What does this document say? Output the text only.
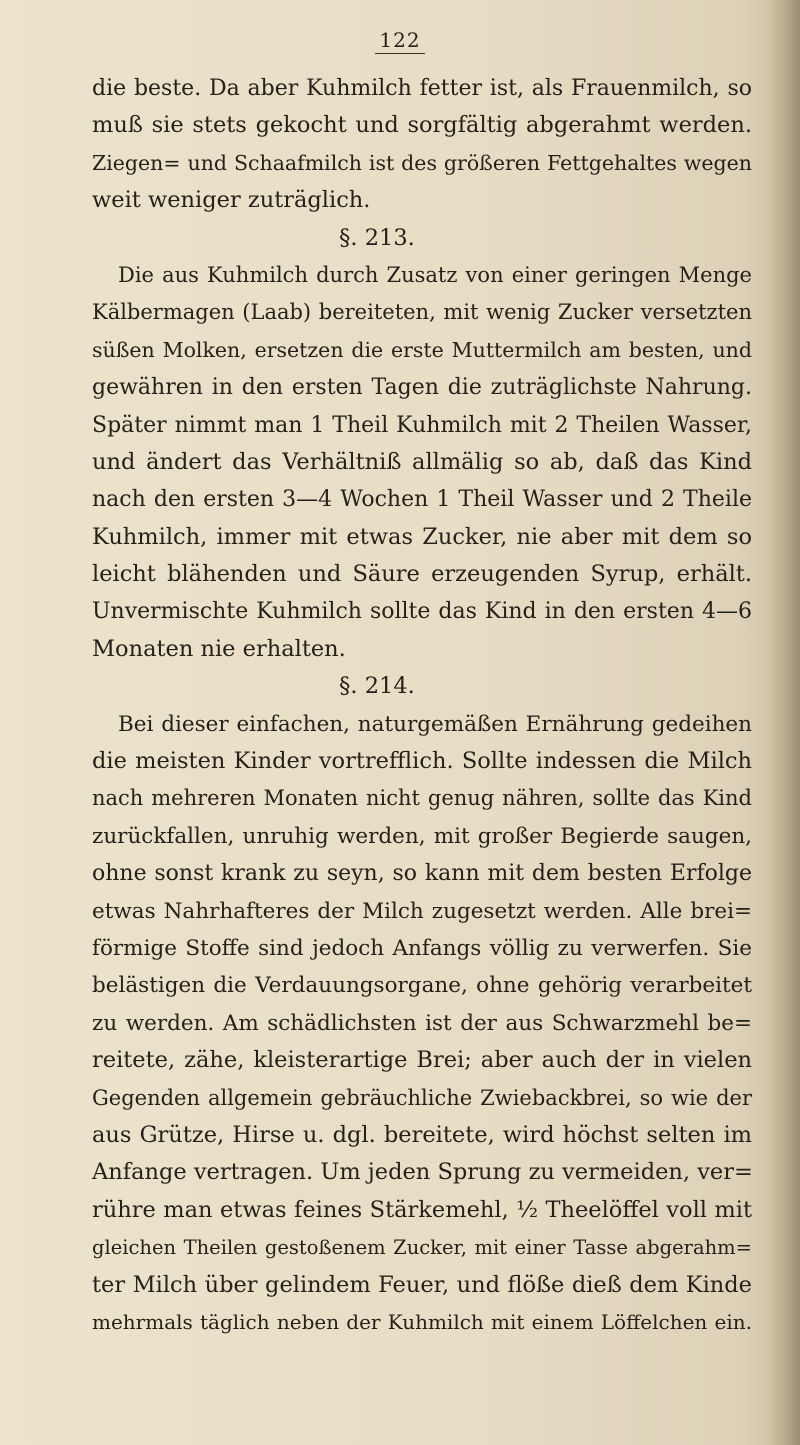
122
die beste. Da aber Kuhmilch fetter ist, als Frauenmilch, so
muß sie stets gekocht und sorgfältig abgerahmt werden.
Ziegen= und Schaafmilch ist des größeren Fettgehaltes wegen
weit weniger zuträglich.
§. 213.
Die aus Kuhmilch durch Zusatz von einer geringen Menge
Kälbermagen (Laab) bereiteten, mit wenig Zucker versetzten
süßen Molken, ersetzen die erste Muttermilch am besten, und
gewähren in den ersten Tagen die zuträglichste Nahrung.
Später nimmt man 1 Theil Kuhmilch mit 2 Theilen Wasser,
und ändert das Verhältniß allmälig so ab, daß das Kind
nach den ersten 3—4 Wochen 1 Theil Wasser und 2 Theile
Kuhmilch, immer mit etwas Zucker, nie aber mit dem so
leicht blähenden und Säure erzeugenden Syrup, erhält.
Unvermischte Kuhmilch sollte das Kind in den ersten 4—6
Monaten nie erhalten.
§. 214.
Bei dieser einfachen, naturgemäßen Ernährung gedeihen
die meisten Kinder vortrefflich. Sollte indessen die Milch
nach mehreren Monaten nicht genug nähren, sollte das Kind
zurückfallen, unruhig werden, mit großer Begierde saugen,
ohne sonst krank zu seyn, so kann mit dem besten Erfolge
etwas Nahrhafteres der Milch zugesetzt werden. Alle brei=
förmige Stoffe sind jedoch Anfangs völlig zu verwerfen. Sie
belästigen die Verdauungsorgane, ohne gehörig verarbeitet
zu werden. Am schädlichsten ist der aus Schwarzmehl be=
reitete, zähe, kleisterartige Brei; aber auch der in vielen
Gegenden allgemein gebräuchliche Zwiebackbrei, so wie der
aus Grütze, Hirse u. dgl. bereitete, wird höchst selten im
Anfange vertragen. Um jeden Sprung zu vermeiden, ver=
rühre man etwas feines Stärkemehl, ½ Theelöffel voll mit
gleichen Theilen gestoßenem Zucker, mit einer Tasse abgerahm=
ter Milch über gelindem Feuer, und flöße dieß dem Kinde
mehrmals täglich neben der Kuhmilch mit einem Löffelchen ein.
